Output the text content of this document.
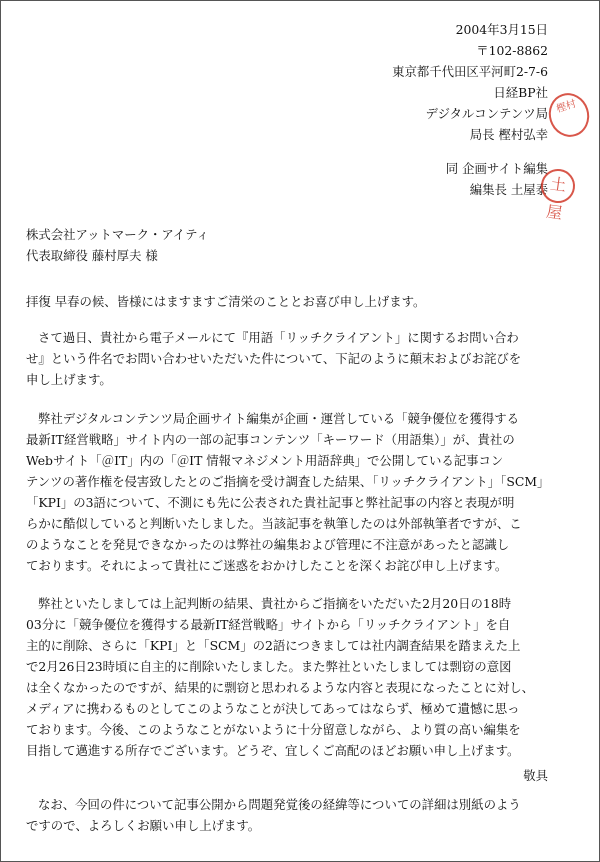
2004年3月15日
〒102-8862
東京都千代田区平河町2-7-6
日経BP社
デジタルコンテンツ局
局長 樫村弘幸
同 企画サイト編集
編集長 土屋泰
樫村
土屋
株式会社アットマーク・アイティ
代表取締役 藤村厚夫 様
拝復 早春の候、皆様にはますますご清栄のこととお喜び申し上げます。
さて過日、貴社から電子メールにて『用語「リッチクライアント」に関するお問い合わ
せ』という件名でお問い合わせいただいた件について、下記のように顛末およびお詫びを
申し上げます。
弊社デジタルコンテンツ局企画サイト編集が企画・運営している「競争優位を獲得する
最新IT経営戦略」サイト内の一部の記事コンテンツ「キーワード（用語集）」が、貴社の
Webサイト「＠IT」内の「＠IT 情報マネジメント用語辞典」で公開している記事コン
テンツの著作権を侵害致したとのご指摘を受け調査した結果、「リッチクライアント」「SCM」
「KPI」の3語について、不測にも先に公表された貴社記事と弊社記事の内容と表現が明
らかに酷似していると判断いたしました。当該記事を執筆したのは外部執筆者ですが、こ
のようなことを発見できなかったのは弊社の編集および管理に不注意があったと認識し
ております。それによって貴社にご迷惑をおかけしたことを深くお詫び申し上げます。
弊社といたしましては上記判断の結果、貴社からご指摘をいただいた2月20日の18時
03分に「競争優位を獲得する最新IT経営戦略」サイトから「リッチクライアント」を自
主的に削除、さらに「KPI」と「SCM」の2語につきましては社内調査結果を踏まえた上
で2月26日23時頃に自主的に削除いたしました。また弊社といたしましては剽窃の意図
は全くなかったのですが、結果的に剽窃と思われるような内容と表現になったことに対し、
メディアに携わるものとしてこのようなことが決してあってはならず、極めて遺憾に思っ
ております。今後、このようなことがないように十分留意しながら、より質の高い編集を
目指して邁進する所存でございます。どうぞ、宜しくご高配のほどお願い申し上げます。
敬具
なお、今回の件について記事公開から問題発覚後の経緯等についての詳細は別紙のよう
ですので、よろしくお願い申し上げます。
